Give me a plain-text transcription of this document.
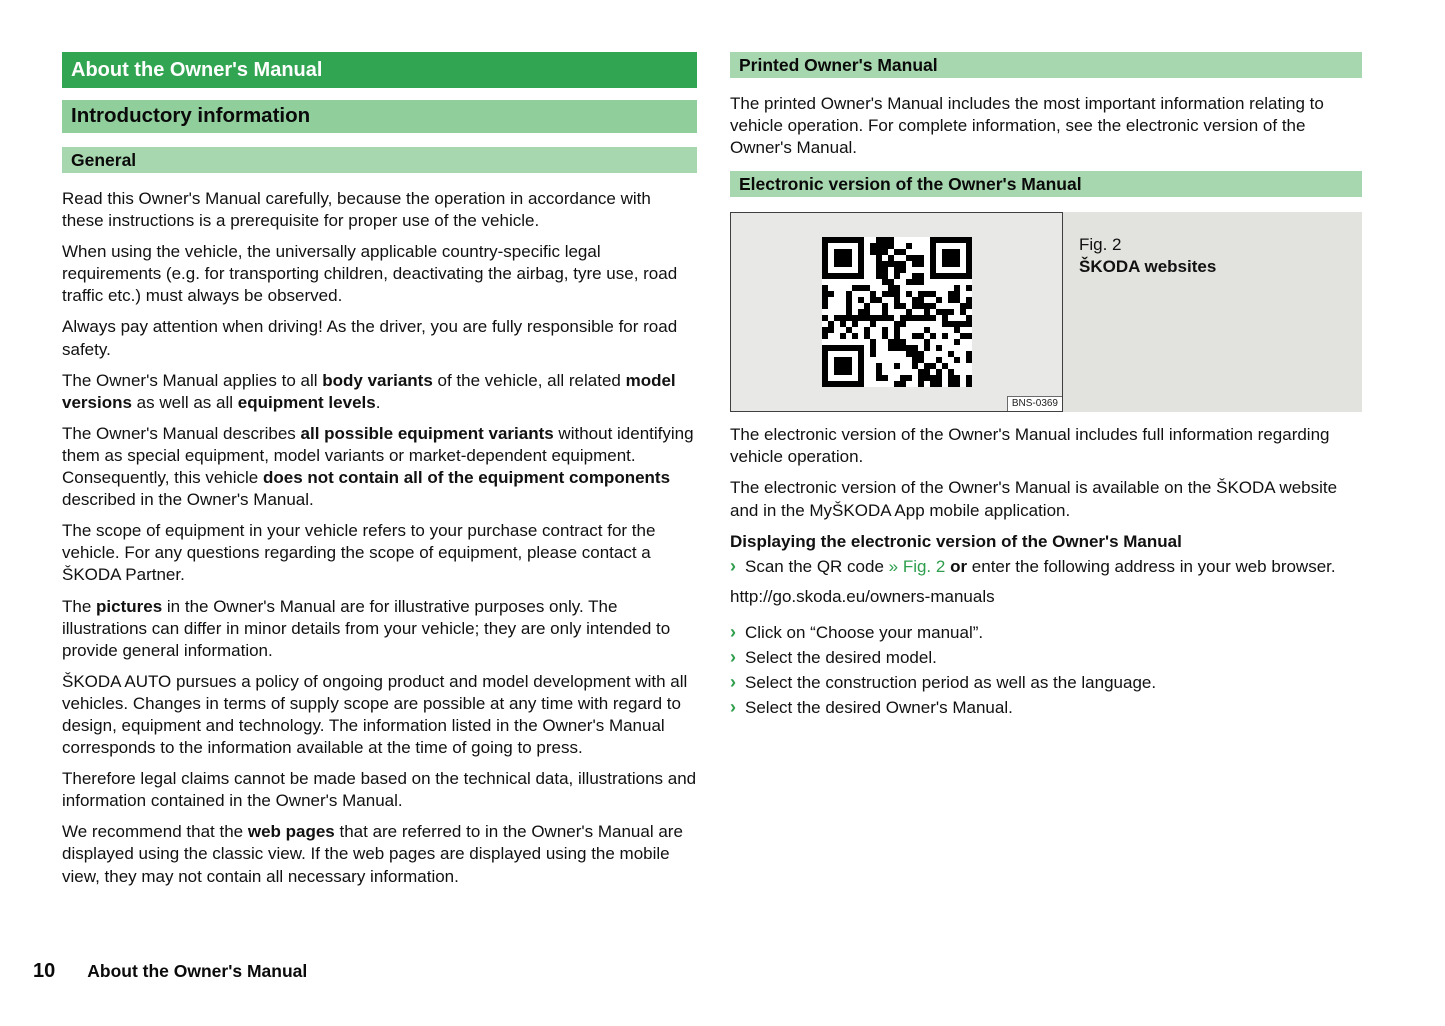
About the Owner's Manual
Introductory information
General

Read this Owner's Manual carefully, because the operation in accordance with these instructions is a prerequisite for proper use of the vehicle.

When using the vehicle, the universally applicable country-specific legal requirements (e.g. for transporting children, deactivating the airbag, tyre use, road traffic etc.) must always be observed.

Always pay attention when driving! As the driver, you are fully responsible for road safety.

The Owner's Manual applies to all body variants of the vehicle, all related model versions as well as all equipment levels.

The Owner's Manual describes all possible equipment variants without identifying them as special equipment, model variants or market-dependent equipment. Consequently, this vehicle does not contain all of the equipment components described in the Owner's Manual.

The scope of equipment in your vehicle refers to your purchase contract for the vehicle. For any questions regarding the scope of equipment, please contact a ŠKODA Partner.

The pictures in the Owner's Manual are for illustrative purposes only. The illustrations can differ in minor details from your vehicle; they are only intended to provide general information.

ŠKODA AUTO pursues a policy of ongoing product and model development with all vehicles. Changes in terms of supply scope are possible at any time with regard to design, equipment and technology. The information listed in the Owner's Manual corresponds to the information available at the time of going to press.

Therefore legal claims cannot be made based on the technical data, illustrations and information contained in the Owner's Manual.

We recommend that the web pages that are referred to in the Owner's Manual are displayed using the classic view. If the web pages are displayed using the mobile view, they may not contain all necessary information.

Printed Owner's Manual

The printed Owner's Manual includes the most important information relating to vehicle operation. For complete information, see the electronic version of the Owner's Manual.

Electronic version of the Owner's Manual
BNS-0369
Fig. 2
ŠKODA websites

The electronic version of the Owner's Manual includes full information regarding vehicle operation.

The electronic version of the Owner's Manual is available on the ŠKODA website and in the MyŠKODA App mobile application.

Displaying the electronic version of the Owner's Manual
› Scan the QR code » Fig. 2 or enter the following address in your web browser.

http://go.skoda.eu/owners-manuals

› Click on “Choose your manual”.
› Select the desired model.
› Select the construction period as well as the language.
› Select the desired Owner's Manual.
10 About the Owner's Manual
